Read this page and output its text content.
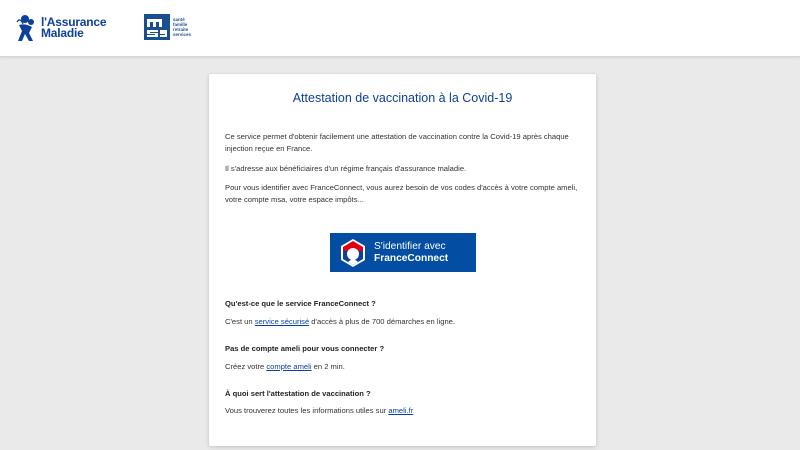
l'Assurance
Maladie
santé
famille
retraite
services
Attestation de vaccination à la Covid-19
Ce service permet d'obtenir facilement une attestation de vaccination contre la Covid-19 après chaque injection reçue en France.
Il s'adresse aux bénéficiaires d'un régime français d'assurance maladie.
Pour vous identifier avec FranceConnect, vous aurez besoin de vos codes d'accès à votre compte ameli, votre compte msa, votre espace impôts...
S'identifier avec
FranceConnect
Qu'est-ce que le service FranceConnect ?
C'est un service sécurisé d'accès à plus de 700 démarches en ligne.
Pas de compte ameli pour vous connecter ?
Créez votre compte ameli en 2 min.
À quoi sert l'attestation de vaccination ?
Vous trouverez toutes les informations utiles sur ameli.fr
